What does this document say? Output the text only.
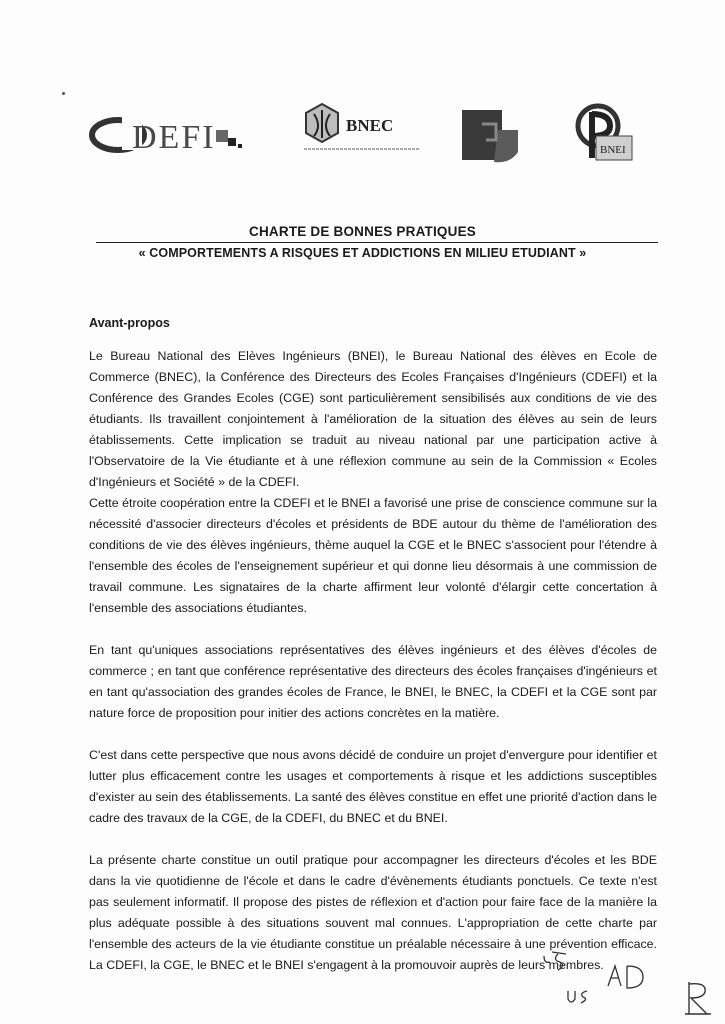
DEFI	BNEC
BNEI
CHARTE DE BONNES PRATIQUES
« COMPORTEMENTS A RISQUES ET ADDICTIONS EN MILIEU ETUDIANT »
Avant-propos

Le Bureau National des Elèves Ingénieurs (BNEI), le Bureau National des élèves en Ecole de Commerce (BNEC), la Conférence des Directeurs des Ecoles Françaises d'Ingénieurs (CDEFI) et la Conférence des Grandes Ecoles (CGE) sont particulièrement sensibilisés aux conditions de vie des étudiants. Ils travaillent conjointement à l'amélioration de la situation des élèves au sein de leurs établissements. Cette implication se traduit au niveau national par une participation active à l'Observatoire de la Vie étudiante et à une réflexion commune au sein de la Commission « Ecoles d'Ingénieurs et Société » de la CDEFI.

Cette étroite coopération entre la CDEFI et le BNEI a favorisé une prise de conscience commune sur la nécessité d'associer directeurs d'écoles et présidents de BDE autour du thème de l'amélioration des conditions de vie des élèves ingénieurs, thème auquel la CGE et le BNEC s'associent pour l'étendre à l'ensemble des écoles de l'enseignement supérieur et qui donne lieu désormais à une commission de travail commune. Les signataires de la charte affirment leur volonté d'élargir cette concertation à l'ensemble des associations étudiantes.

En tant qu'uniques associations représentatives des élèves ingénieurs et des élèves d'écoles de commerce ; en tant que conférence représentative des directeurs des écoles françaises d'ingénieurs et en tant qu'association des grandes écoles de France, le BNEI, le BNEC, la CDEFI et la CGE sont par nature force de proposition pour initier des actions concrètes en la matière.

C'est dans cette perspective que nous avons décidé de conduire un projet d'envergure pour identifier et lutter plus efficacement contre les usages et comportements à risque et les addictions susceptibles d'exister au sein des établissements. La santé des élèves constitue en effet une priorité d'action dans le cadre des travaux de la CGE, de la CDEFI, du BNEC et du BNEI.

La présente charte constitue un outil pratique pour accompagner les directeurs d'écoles et les BDE dans la vie quotidienne de l'école et dans le cadre d'évènements étudiants ponctuels. Ce texte n'est pas seulement informatif. Il propose des pistes de réflexion et d'action pour faire face de la manière la plus adéquate possible à des situations souvent mal connues. L'appropriation de cette charte par l'ensemble des acteurs de la vie étudiante constitue un préalable nécessaire à une prévention efficace. La CDEFI, la CGE, le BNEC et le BNEI s'engagent à la promouvoir auprès de leurs membres.
